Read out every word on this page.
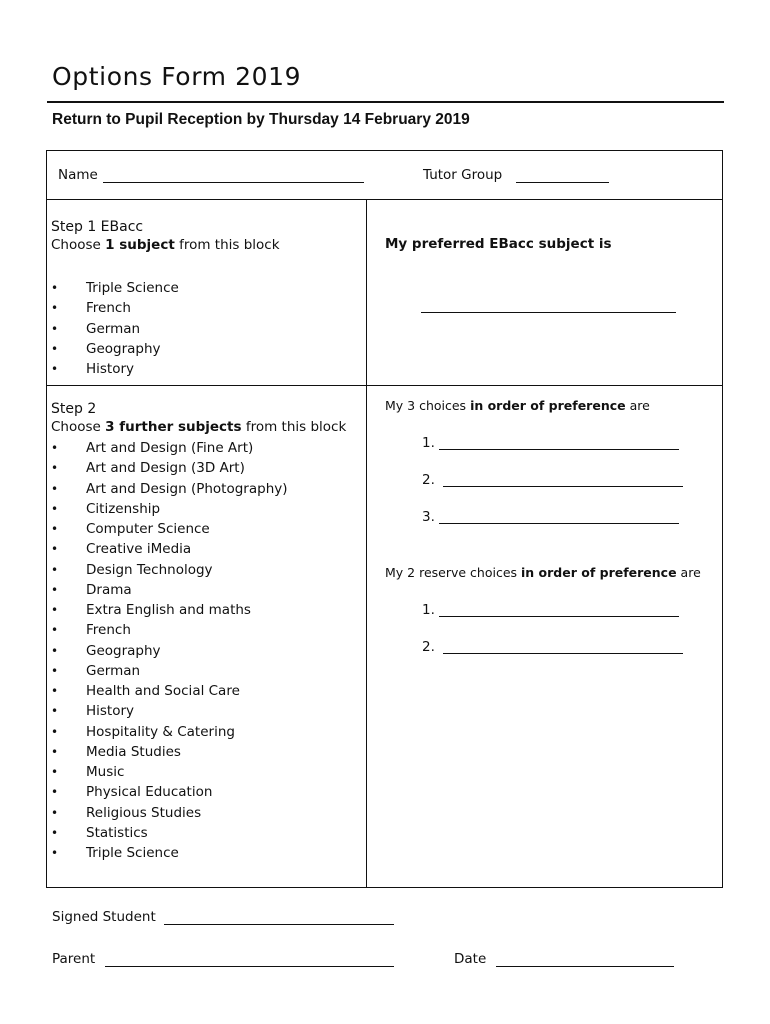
Options Form 2019
Return to Pupil Reception by Thursday 14 February 2019
Name	Tutor Group
Step 1 EBacc
Choose 1 subject from this block
• Triple Science
• French
• German
• Geography
• History
My preferred EBacc subject is
Step 2
Choose 3 further subjects from this block
• Art and Design (Fine Art)
• Art and Design (3D Art)
• Art and Design (Photography)
• Citizenship
• Computer Science
• Creative iMedia
• Design Technology
• Drama
• Extra English and maths
• French
• Geography
• German
• Health and Social Care
• History
• Hospitality & Catering
• Media Studies
• Music
• Physical Education
• Religious Studies
• Statistics
• Triple Science
My 3 choices in order of preference are
1.
2.
3.
My 2 reserve choices in order of preference are
1.
2.
Signed Student
Parent	Date
